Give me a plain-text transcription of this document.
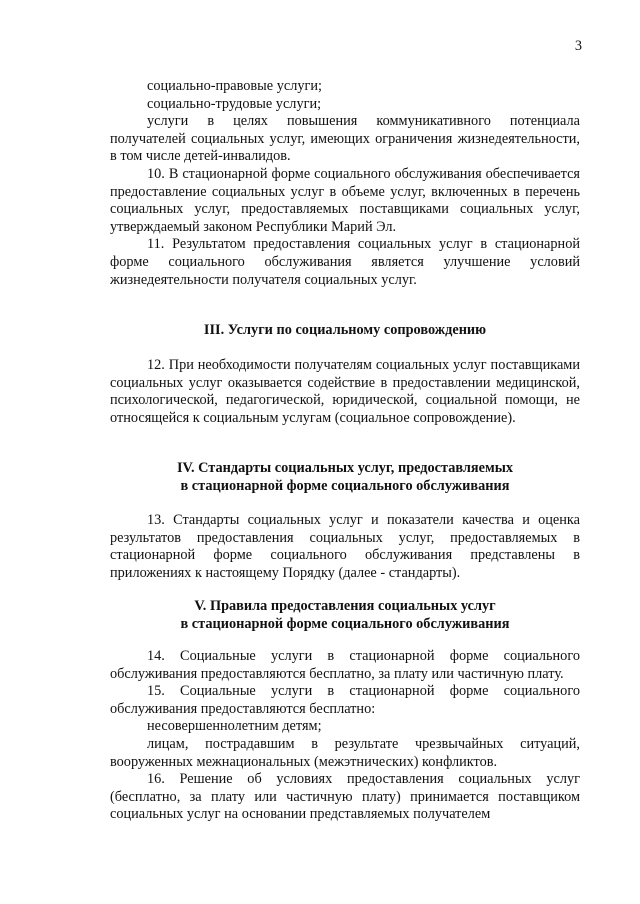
3

социально-правовые услуги;

социально-трудовые услуги;

услуги в целях повышения коммуникативного потенциала получателей социальных услуг, имеющих ограничения жизнедеятельности, в том числе детей-инвалидов.

10. В стационарной форме социального обслуживания обеспечивается предоставление социальных услуг в объеме услуг, включенных в перечень социальных услуг, предоставляемых поставщиками социальных услуг, утверждаемый законом Республики Марий Эл.

11. Результатом предоставления социальных услуг в стационарной форме социального обслуживания является улучшение условий жизнедеятельности получателя социальных услуг.

III. Услуги по социальному сопровождению

12. При необходимости получателям социальных услуг поставщиками социальных услуг оказывается содействие в предоставлении медицинской, психологической, педагогической, юридической, социальной помощи, не относящейся к социальным услугам (социальное сопровождение).

IV. Стандарты социальных услуг, предоставляемых

в стационарной форме социального обслуживания

13. Стандарты социальных услуг и показатели качества и оценка результатов предоставления социальных услуг, предоставляемых в стационарной форме социального обслуживания представлены в приложениях к настоящему Порядку (далее - стандарты).

V. Правила предоставления социальных услуг

в стационарной форме социального обслуживания

14. Социальные услуги в стационарной форме социального обслуживания предоставляются бесплатно, за плату или частичную плату.

15. Социальные услуги в стационарной форме социального обслуживания предоставляются бесплатно:

несовершеннолетним детям;

лицам, пострадавшим в результате чрезвычайных ситуаций, вооруженных межнациональных (межэтнических) конфликтов.

16. Решение об условиях предоставления социальных услуг (бесплатно, за плату или частичную плату) принимается поставщиком социальных услуг на основании представляемых получателем
